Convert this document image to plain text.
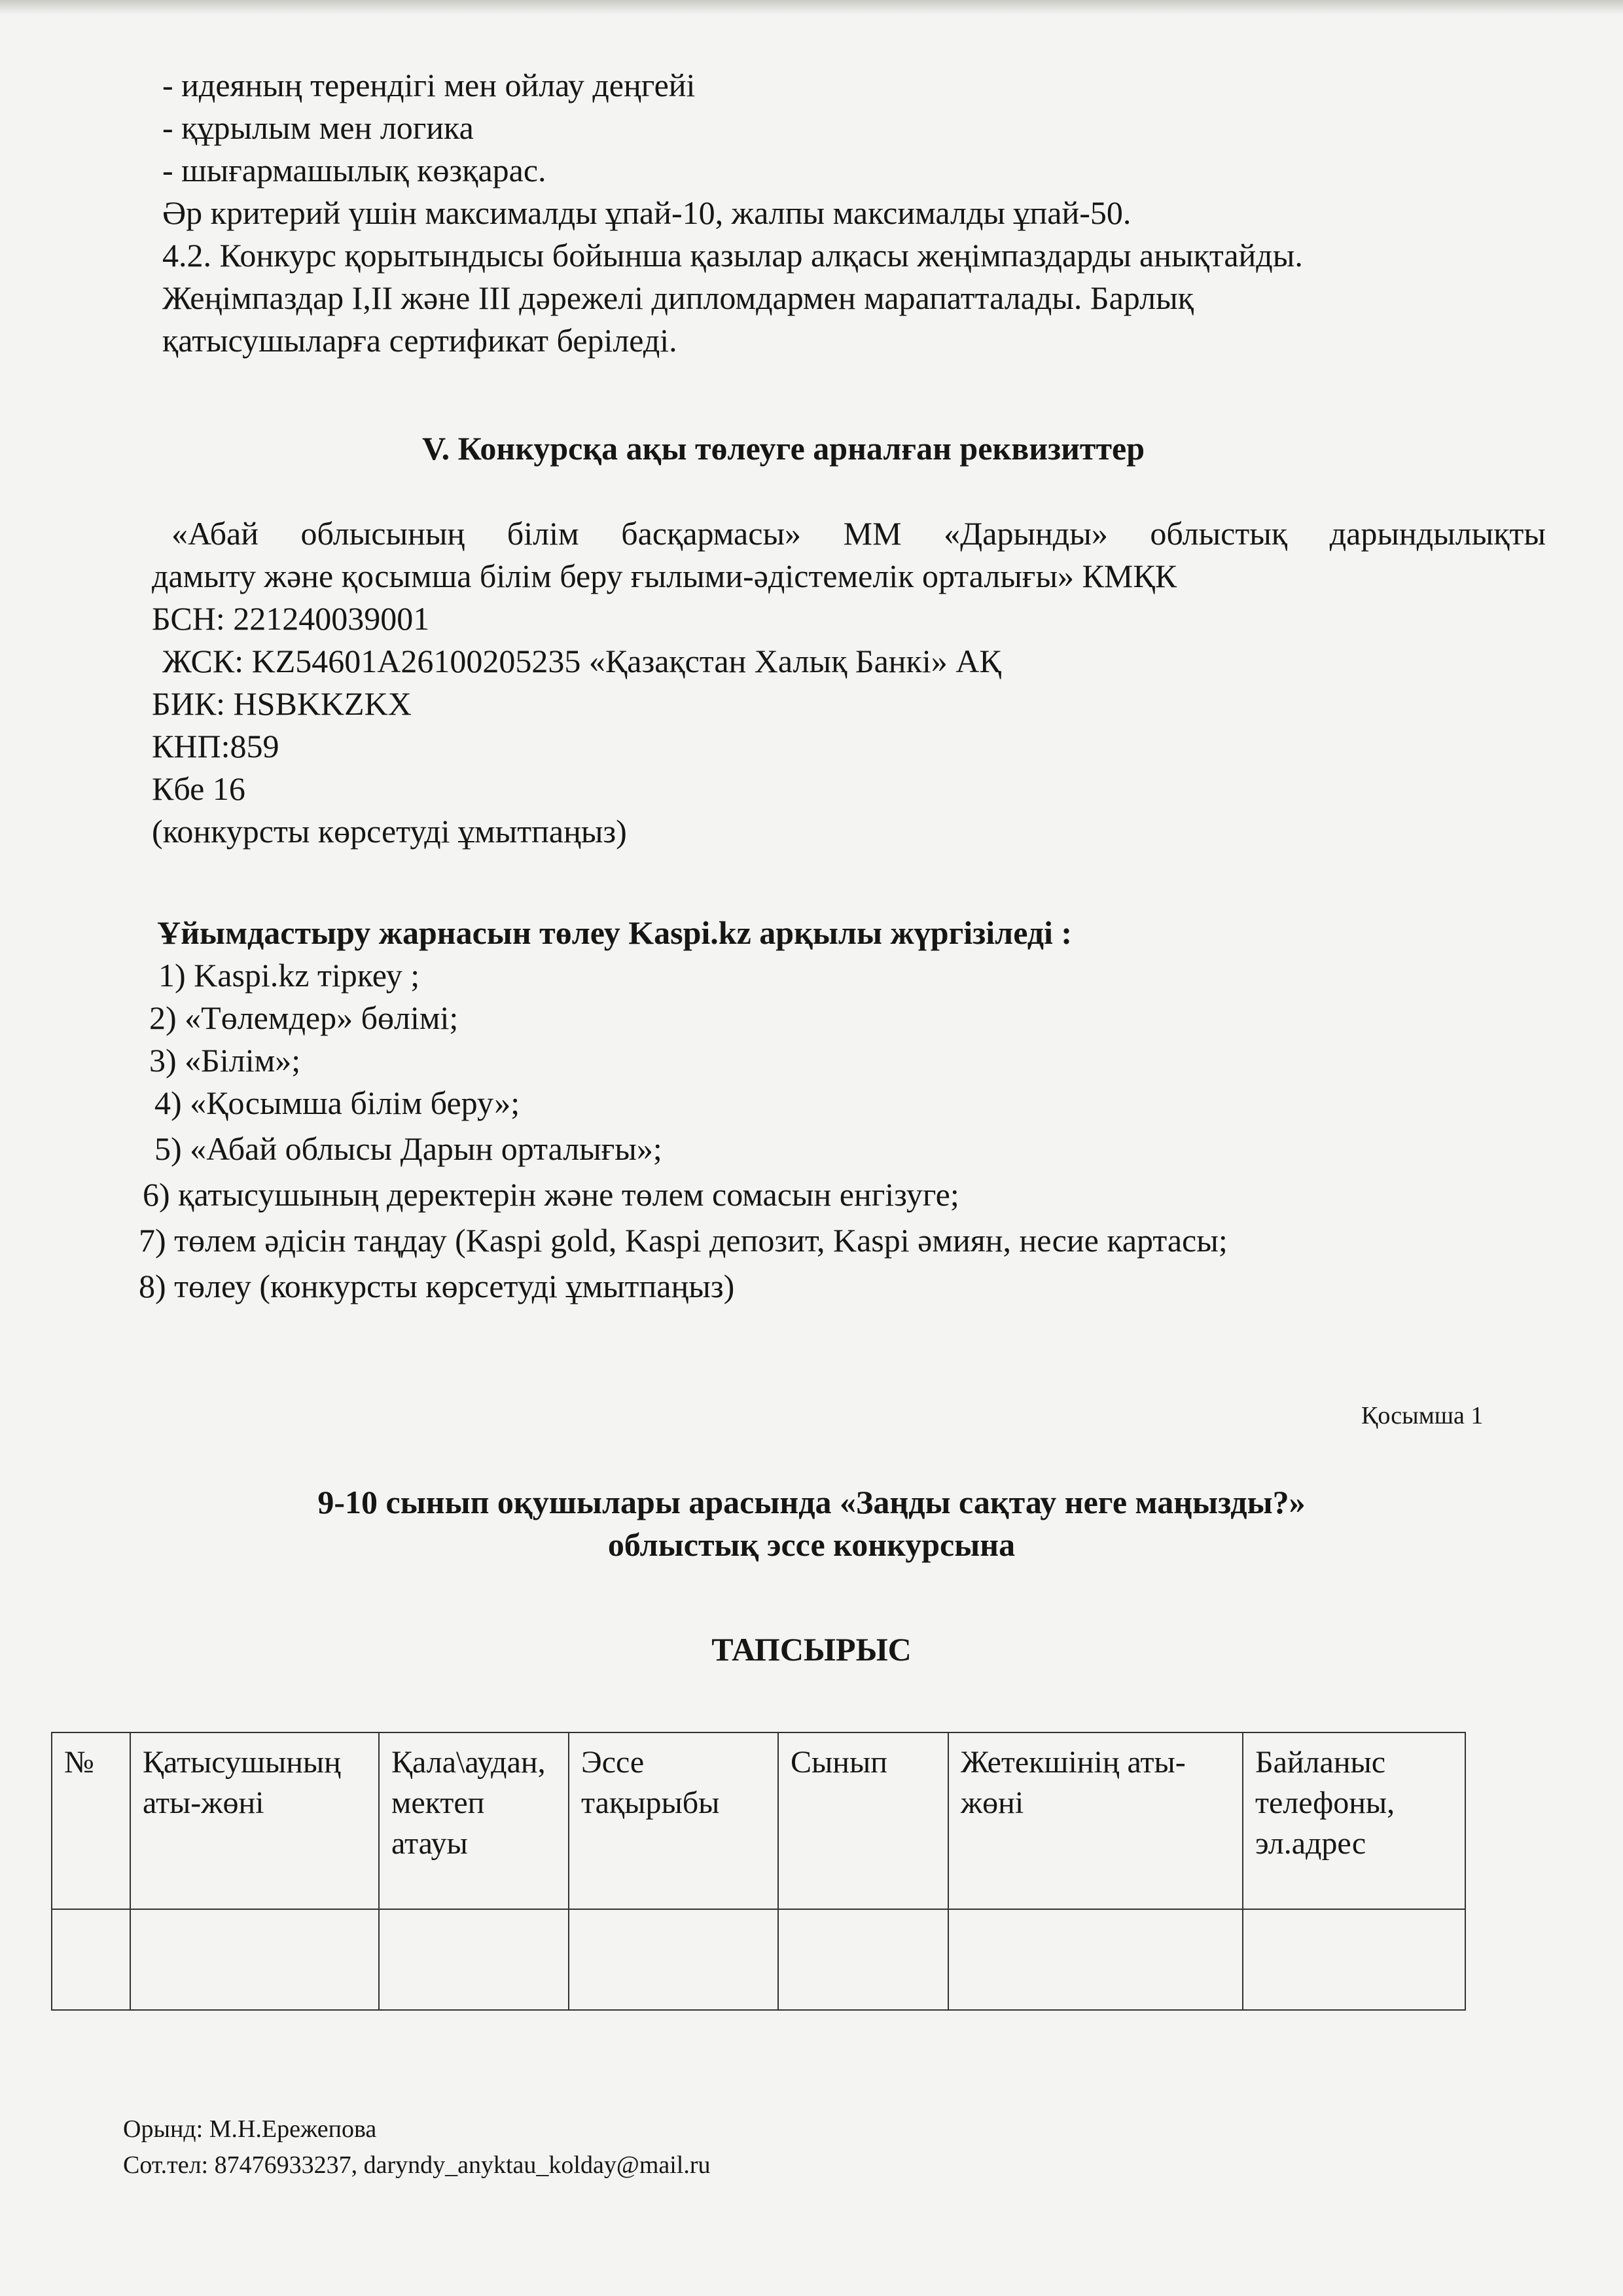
- идеяның терендігі мен ойлау деңгейі
- құрылым мен логика
- шығармашылық көзқарас.
Әр критерий үшін максималды ұпай-10, жалпы максималды ұпай-50.
4.2. Конкурс қорытындысы бойынша қазылар алқасы жеңімпаздарды анықтайды.
Жеңімпаздар I,II және III дәрежелі дипломдармен марапатталады. Барлық
қатысушыларға сертификат беріледі.
V. Конкурсқа ақы төлеуге арналған реквизиттер
«Абай облысының білім басқармасы» ММ «Дарынды» облыстық дарындылықты
дамыту және қосымша білім беру ғылыми-әдістемелік орталығы» КМҚК
БСН: 221240039001
ЖСК: KZ54601A26100205235 «Қазақстан Халық Банкі» АҚ
БИК: HSBKKZKX
КНП:859
Кбе 16
(конкурсты көрсетуді ұмытпаңыз)
Ұйымдастыру жарнасын төлеу Kaspi.kz арқылы жүргізіледі :
1) Kaspi.kz тіркеу ;
2) «Төлемдер» бөлімі;
3) «Білім»;
4) «Қосымша білім беру»;
5) «Абай облысы Дарын орталығы»;
6) қатысушының деректерін және төлем сомасын енгізуге;
7) төлем әдісін таңдау (Kaspi gold, Kaspi депозит, Kaspi әмиян, несие картасы;
8) төлеу (конкурсты көрсетуді ұмытпаңыз)
Қосымша 1
9-10 сынып оқушылары арасында «Заңды сақтау неге маңызды?»
облыстық эссе конкурсына
ТАПСЫРЫС
№	Қатысушының аты-жөні	Қала\аудан, мектеп атауы	Эссе тақырыбы	Сынып	Жетекшінің аты-жөні	Байланыс телефоны, эл.адрес

Орынд: М.Н.Ережепова
Сот.тел: 87476933237, daryndy_anyktau_kolday@mail.ru
